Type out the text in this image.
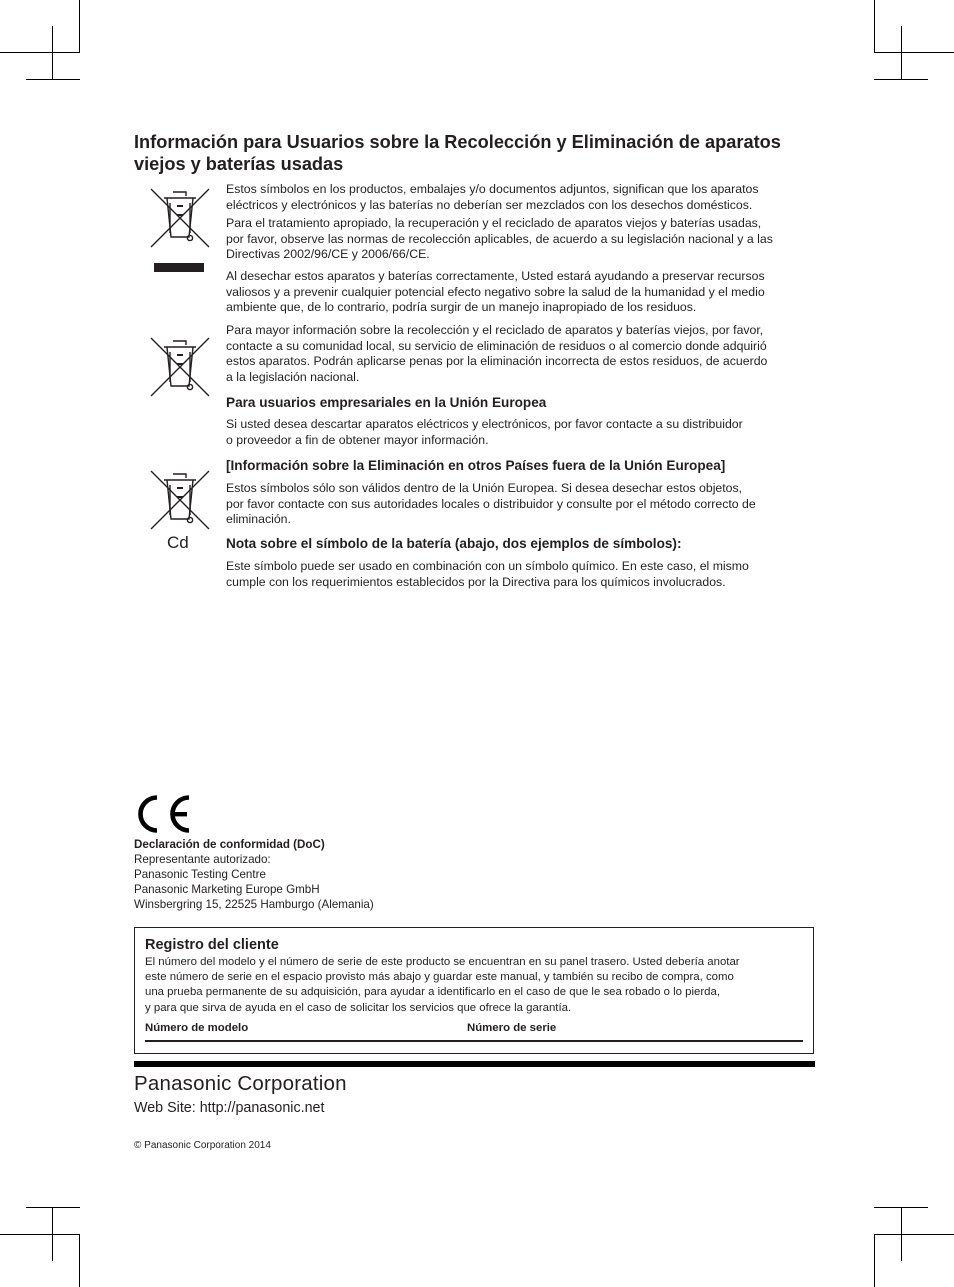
Información para Usuarios sobre la Recolección y Eliminación de aparatos viejos y baterías usadas
Cd
Estos símbolos en los productos, embalajes y/o documentos adjuntos, significan que los aparatos
eléctricos y electrónicos y las baterías no deberían ser mezclados con los desechos domésticos.
Para el tratamiento apropiado, la recuperación y el reciclado de aparatos viejos y baterías usadas,
por favor, observe las normas de recolección aplicables, de acuerdo a su legislación nacional y a las
Directivas 2002/96/CE y 2006/66/CE.
Al desechar estos aparatos y baterías correctamente, Usted estará ayudando a preservar recursos
valiosos y a prevenir cualquier potencial efecto negativo sobre la salud de la humanidad y el medio
ambiente que, de lo contrario, podría surgir de un manejo inapropiado de los residuos.
Para mayor información sobre la recolección y el reciclado de aparatos y baterías viejos, por favor,
contacte a su comunidad local, su servicio de eliminación de residuos o al comercio donde adquirió
estos aparatos. Podrán aplicarse penas por la eliminación incorrecta de estos residuos, de acuerdo
a la legislación nacional.
Para usuarios empresariales en la Unión Europea
Si usted desea descartar aparatos eléctricos y electrónicos, por favor contacte a su distribuidor
o proveedor a fin de obtener mayor información.
[Información sobre la Eliminación en otros Países fuera de la Unión Europea]
Estos símbolos sólo son válidos dentro de la Unión Europea. Si desea desechar estos objetos,
por favor contacte con sus autoridades locales o distribuidor y consulte por el método correcto de
eliminación.
Nota sobre el símbolo de la batería (abajo, dos ejemplos de símbolos):
Este símbolo puede ser usado en combinación con un símbolo químico. En este caso, el mismo
cumple con los requerimientos establecidos por la Directiva para los químicos involucrados.
Declaración de conformidad (DoC)
Representante autorizado:
Panasonic Testing Centre
Panasonic Marketing Europe GmbH
Winsbergring 15, 22525 Hamburgo (Alemania)
Registro del cliente
El número del modelo y el número de serie de este producto se encuentran en su panel trasero. Usted debería anotar
este número de serie en el espacio provisto más abajo y guardar este manual, y también su recibo de compra, como
una prueba permanente de su adquisición, para ayudar a identificarlo en el caso de que le sea robado o lo pierda,
y para que sirva de ayuda en el caso de solicitar los servicios que ofrece la garantía.
Número de modelo	Número de serie
Panasonic Corporation
Web Site: http://panasonic.net
© Panasonic Corporation 2014
